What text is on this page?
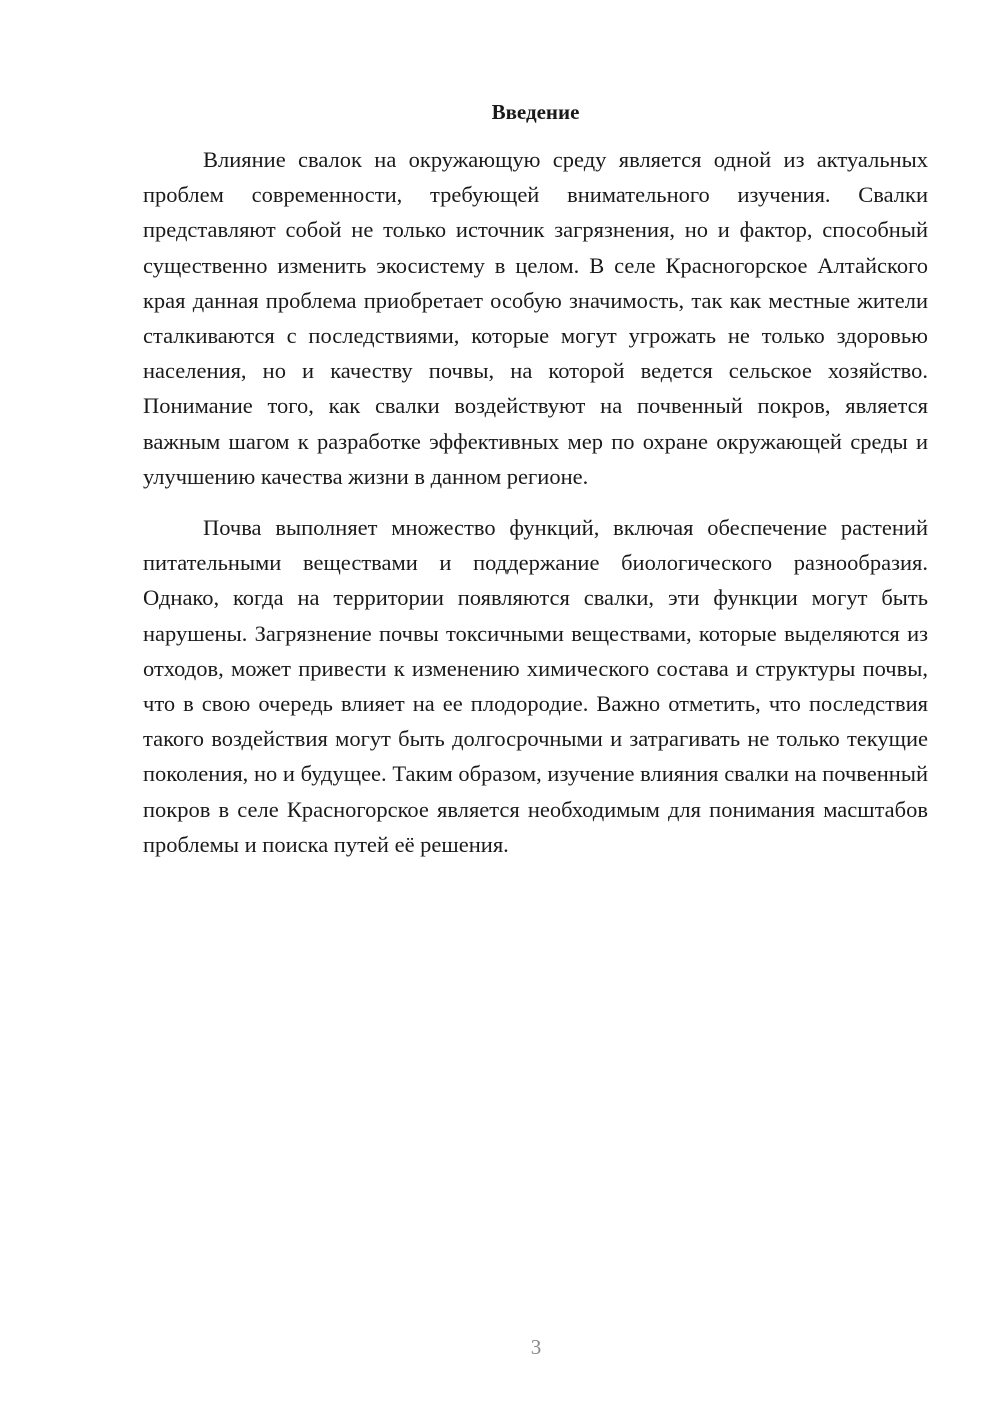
Введение

Влияние свалок на окружающую среду является одной из актуальных проблем современности, требующей внимательного изучения. Свалки представляют собой не только источник загрязнения, но и фактор, способный существенно изменить экосистему в целом. В селе Красногорское Алтайского края данная проблема приобретает особую значимость, так как местные жители сталкиваются с последствиями, которые могут угрожать не только здоровью населения, но и качеству почвы, на которой ведется сельское хозяйство. Понимание того, как свалки воздействуют на почвенный покров, является важным шагом к разработке эффективных мер по охране окружающей среды и улучшению качества жизни в данном регионе.

Почва выполняет множество функций, включая обеспечение растений питательными веществами и поддержание биологического разнообразия. Однако, когда на территории появляются свалки, эти функции могут быть нарушены. Загрязнение почвы токсичными веществами, которые выделяются из отходов, может привести к изменению химического состава и структуры почвы, что в свою очередь влияет на ее плодородие. Важно отметить, что последствия такого воздействия могут быть долгосрочными и затрагивать не только текущие поколения, но и будущее. Таким образом, изучение влияния свалки на почвенный покров в селе Красногорское является необходимым для понимания масштабов проблемы и поиска путей её решения.

3
